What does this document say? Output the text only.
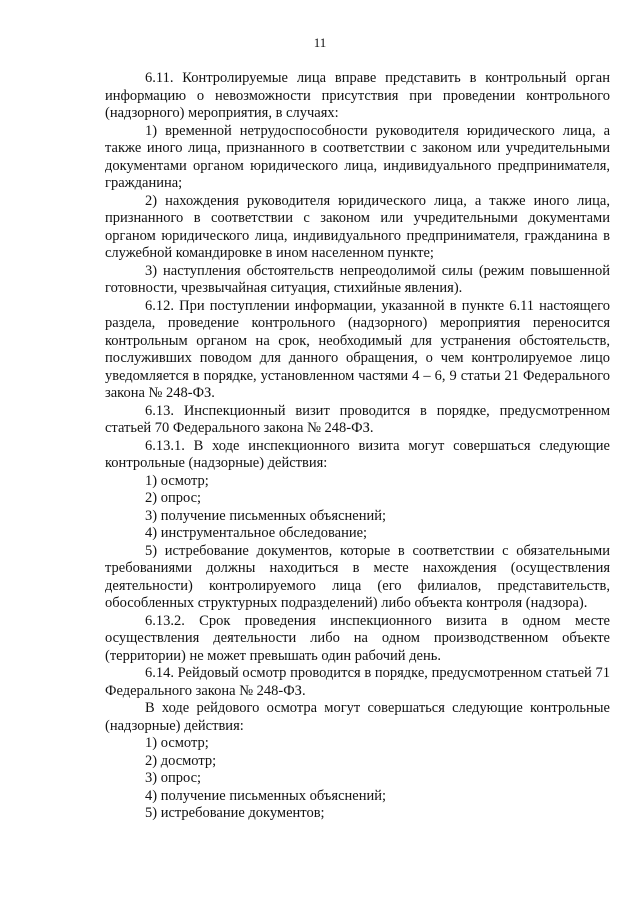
11

6.11. Контролируемые лица вправе представить в контрольный орган информацию о невозможности присутствия при проведении контрольного (надзорного) мероприятия, в случаях:

1) временной нетрудоспособности руководителя юридического лица, а также иного лица, признанного в соответствии с законом или учредительными документами органом юридического лица, индивидуального предпринимателя, гражданина;

2) нахождения руководителя юридического лица, а также иного лица, признанного в соответствии с законом или учредительными документами органом юридического лица, индивидуального предпринимателя, гражданина в служебной командировке в ином населенном пункте;

3) наступления обстоятельств непреодолимой силы (режим повышенной готовности, чрезвычайная ситуация, стихийные явления).

6.12. При поступлении информации, указанной в пункте 6.11 настоящего раздела, проведение контрольного (надзорного) мероприятия переносится контрольным органом на срок, необходимый для устранения обстоятельств, послуживших поводом для данного обращения, о чем контролируемое лицо уведомляется в порядке, установленном частями 4 – 6, 9 статьи 21 Федерального закона № 248-ФЗ.

6.13. Инспекционный визит проводится в порядке, предусмотренном статьей 70 Федерального закона № 248-ФЗ.

6.13.1. В ходе инспекционного визита могут совершаться следующие контрольные (надзорные) действия:

1) осмотр;

2) опрос;

3) получение письменных объяснений;

4) инструментальное обследование;

5) истребование документов, которые в соответствии с обязательными требованиями должны находиться в месте нахождения (осуществления деятельности) контролируемого лица (его филиалов, представительств, обособленных структурных подразделений) либо объекта контроля (надзора).

6.13.2. Срок проведения инспекционного визита в одном месте осуществления деятельности либо на одном производственном объекте (территории) не может превышать один рабочий день.

6.14. Рейдовый осмотр проводится в порядке, предусмотренном статьей 71 Федерального закона № 248-ФЗ.

В ходе рейдового осмотра могут совершаться следующие контрольные (надзорные) действия:

1) осмотр;

2) досмотр;

3) опрос;

4) получение письменных объяснений;

5) истребование документов;
